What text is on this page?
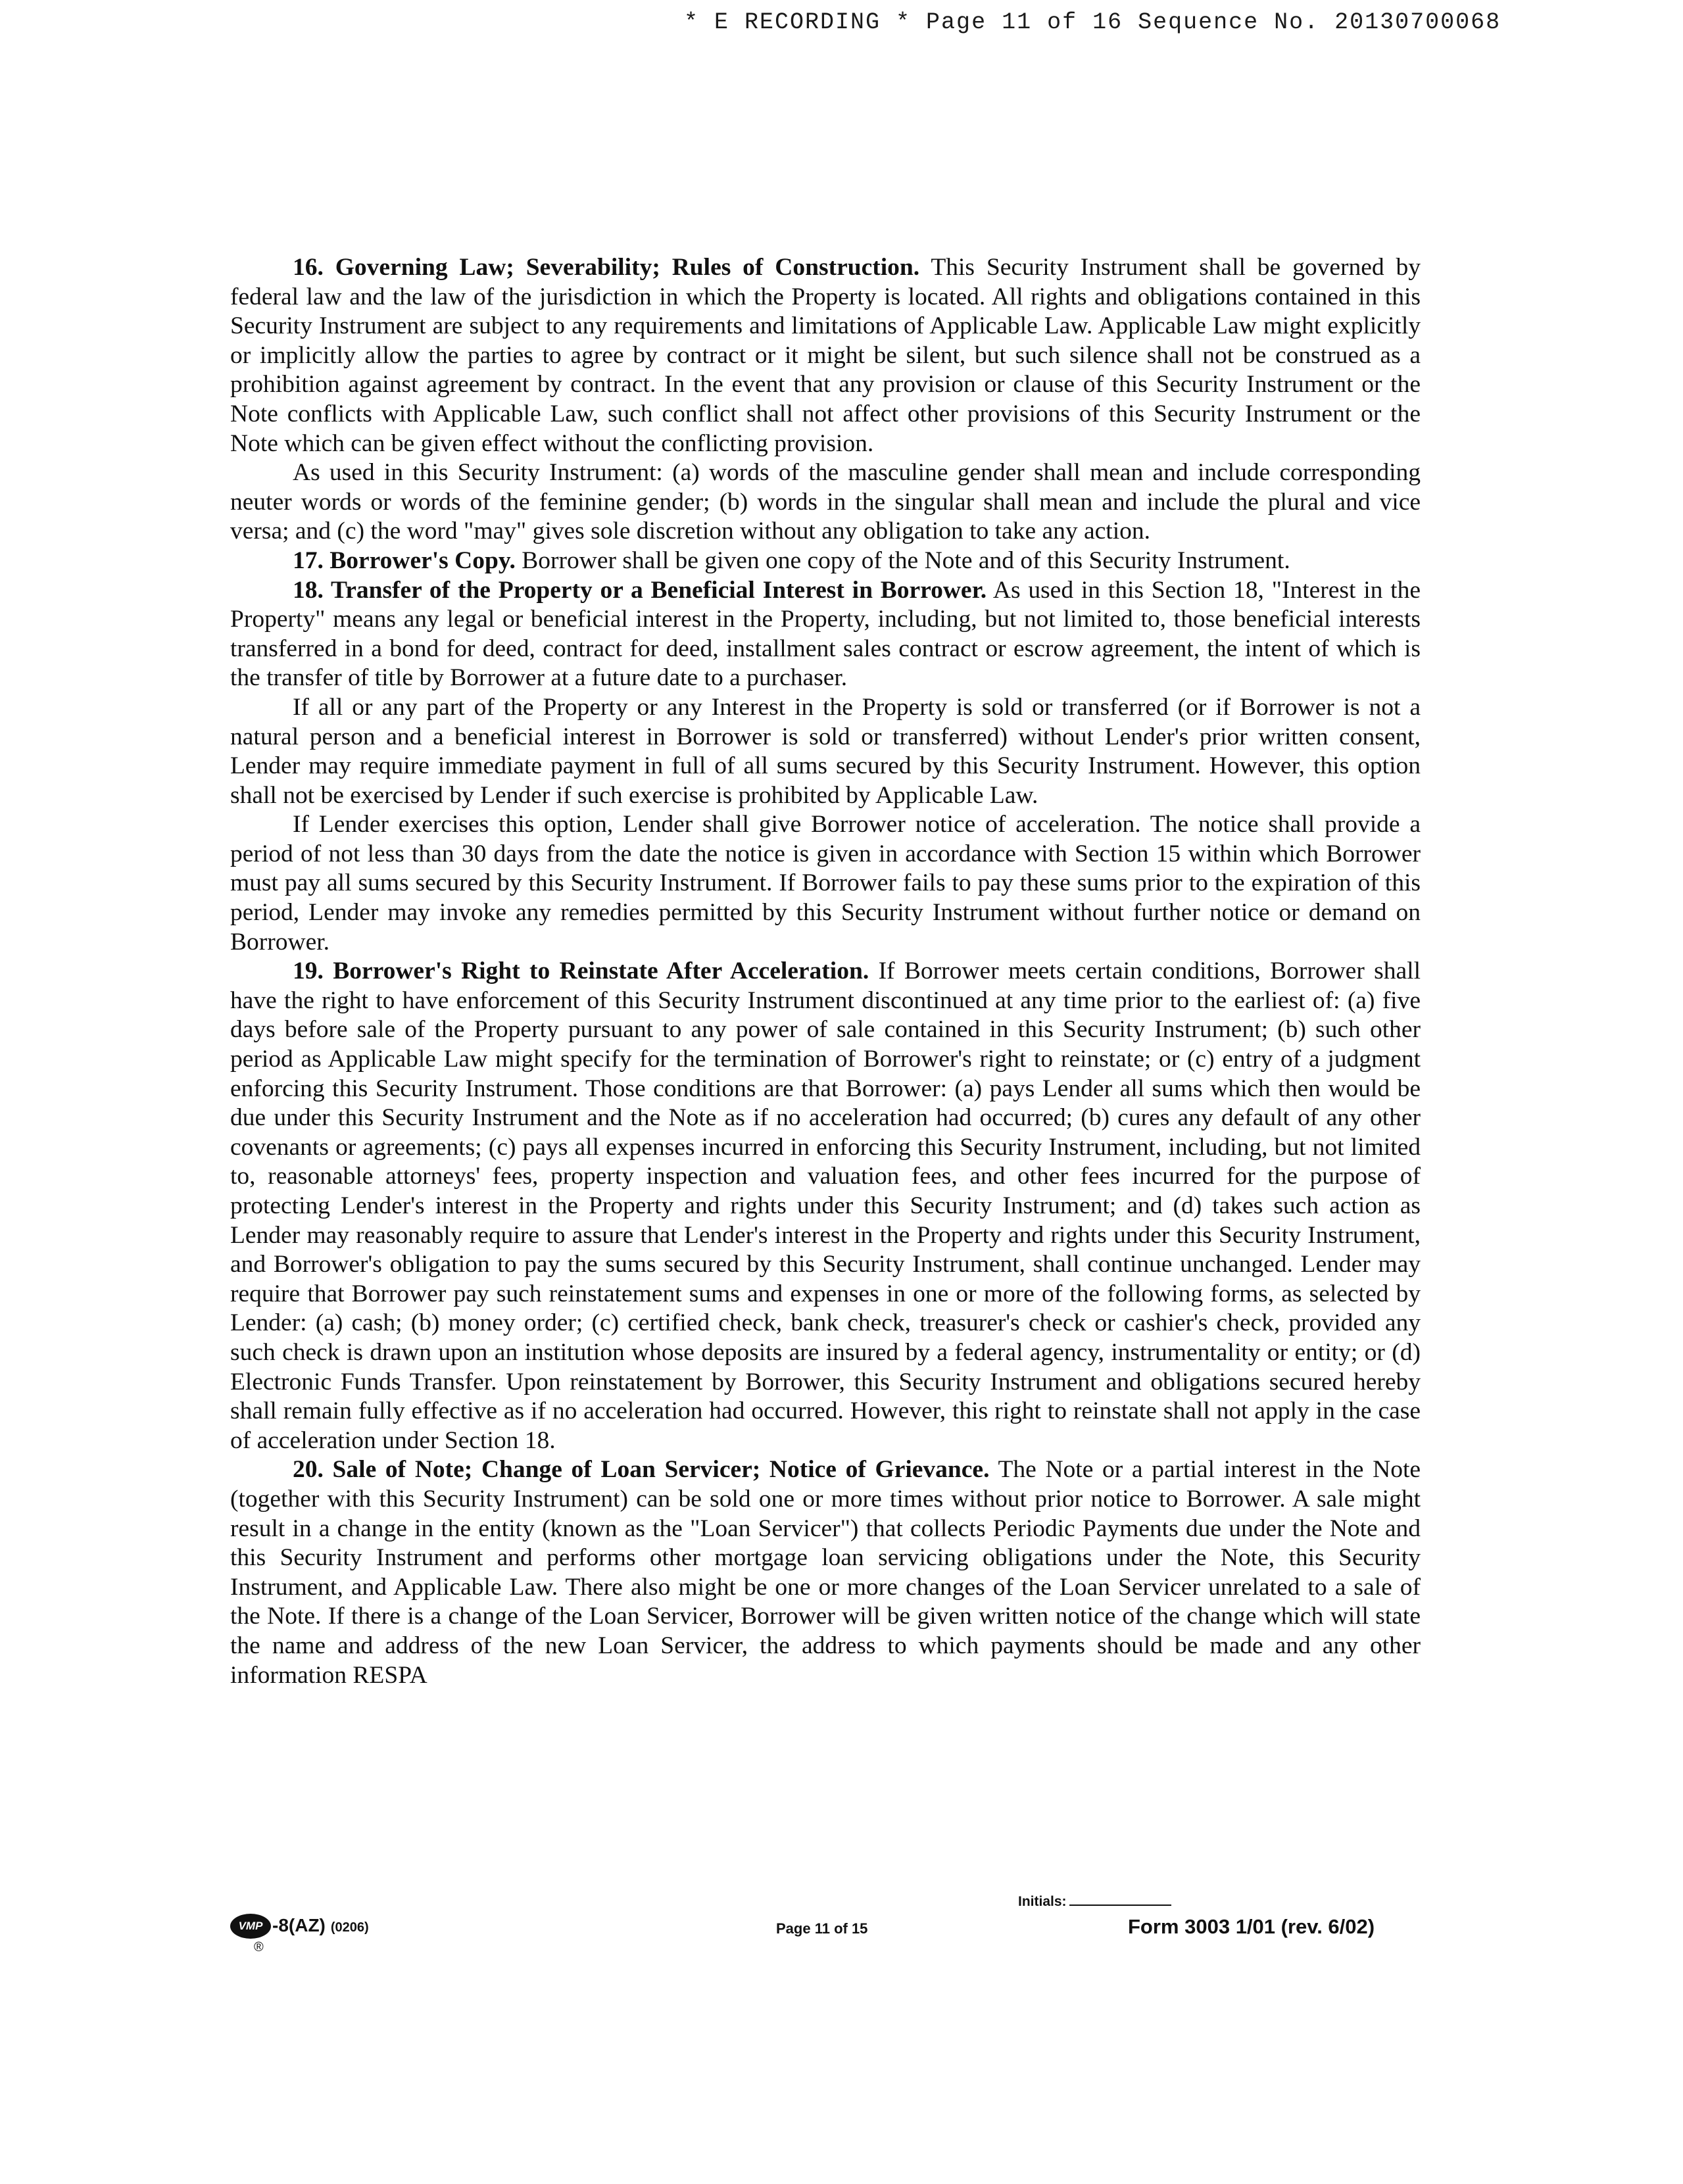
* E RECORDING * Page 11 of 16 Sequence No. 20130700068

16. Governing Law; Severability; Rules of Construction. This Security Instrument shall be governed by federal law and the law of the jurisdiction in which the Property is located. All rights and obligations contained in this Security Instrument are subject to any requirements and limitations of Applicable Law. Applicable Law might explicitly or implicitly allow the parties to agree by contract or it might be silent, but such silence shall not be construed as a prohibition against agreement by contract. In the event that any provision or clause of this Security Instrument or the Note conflicts with Applicable Law, such conflict shall not affect other provisions of this Security Instrument or the Note which can be given effect without the conflicting provision.

As used in this Security Instrument: (a) words of the masculine gender shall mean and include corresponding neuter words or words of the feminine gender; (b) words in the singular shall mean and include the plural and vice versa; and (c) the word "may" gives sole discretion without any obligation to take any action.

17. Borrower's Copy. Borrower shall be given one copy of the Note and of this Security Instrument.

18. Transfer of the Property or a Beneficial Interest in Borrower. As used in this Section 18, "Interest in the Property" means any legal or beneficial interest in the Property, including, but not limited to, those beneficial interests transferred in a bond for deed, contract for deed, installment sales contract or escrow agreement, the intent of which is the transfer of title by Borrower at a future date to a purchaser.

If all or any part of the Property or any Interest in the Property is sold or transferred (or if Borrower is not a natural person and a beneficial interest in Borrower is sold or transferred) without Lender's prior written consent, Lender may require immediate payment in full of all sums secured by this Security Instrument. However, this option shall not be exercised by Lender if such exercise is prohibited by Applicable Law.

If Lender exercises this option, Lender shall give Borrower notice of acceleration. The notice shall provide a period of not less than 30 days from the date the notice is given in accordance with Section 15 within which Borrower must pay all sums secured by this Security Instrument. If Borrower fails to pay these sums prior to the expiration of this period, Lender may invoke any remedies permitted by this Security Instrument without further notice or demand on Borrower.

19. Borrower's Right to Reinstate After Acceleration. If Borrower meets certain conditions, Borrower shall have the right to have enforcement of this Security Instrument discontinued at any time prior to the earliest of: (a) five days before sale of the Property pursuant to any power of sale contained in this Security Instrument; (b) such other period as Applicable Law might specify for the termination of Borrower's right to reinstate; or (c) entry of a judgment enforcing this Security Instrument. Those conditions are that Borrower: (a) pays Lender all sums which then would be due under this Security Instrument and the Note as if no acceleration had occurred; (b) cures any default of any other covenants or agreements; (c) pays all expenses incurred in enforcing this Security Instrument, including, but not limited to, reasonable attorneys' fees, property inspection and valuation fees, and other fees incurred for the purpose of protecting Lender's interest in the Property and rights under this Security Instrument; and (d) takes such action as Lender may reasonably require to assure that Lender's interest in the Property and rights under this Security Instrument, and Borrower's obligation to pay the sums secured by this Security Instrument, shall continue unchanged. Lender may require that Borrower pay such reinstatement sums and expenses in one or more of the following forms, as selected by Lender: (a) cash; (b) money order; (c) certified check, bank check, treasurer's check or cashier's check, provided any such check is drawn upon an institution whose deposits are insured by a federal agency, instrumentality or entity; or (d) Electronic Funds Transfer. Upon reinstatement by Borrower, this Security Instrument and obligations secured hereby shall remain fully effective as if no acceleration had occurred. However, this right to reinstate shall not apply in the case of acceleration under Section 18.

20. Sale of Note; Change of Loan Servicer; Notice of Grievance. The Note or a partial interest in the Note (together with this Security Instrument) can be sold one or more times without prior notice to Borrower. A sale might result in a change in the entity (known as the "Loan Servicer") that collects Periodic Payments due under the Note and this Security Instrument and performs other mortgage loan servicing obligations under the Note, this Security Instrument, and Applicable Law. There also might be one or more changes of the Loan Servicer unrelated to a sale of the Note. If there is a change of the Loan Servicer, Borrower will be given written notice of the change which will state the name and address of the new Loan Servicer, the address to which payments should be made and any other information RESPA

VMP
®
-8(AZ) (0206)	Page 11 of 15
Initials:
Form 3003 1/01 (rev. 6/02)
